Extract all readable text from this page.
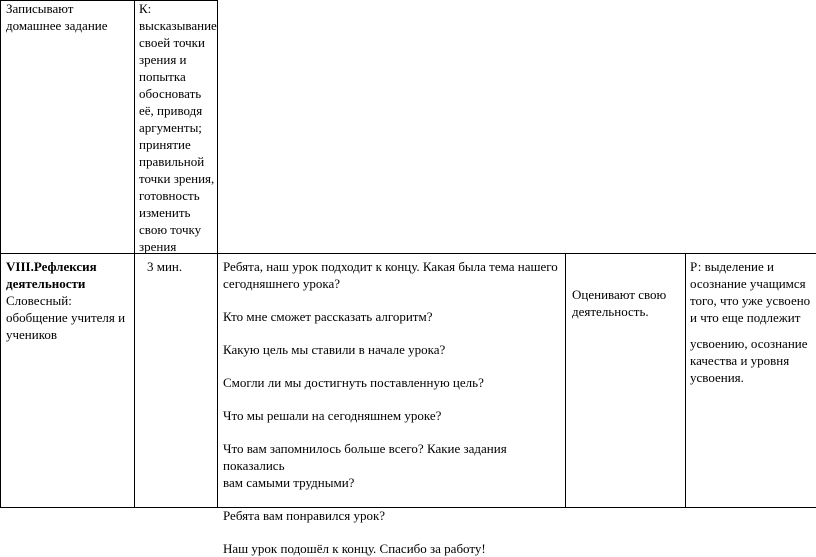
Записывают

домашнее задание

К:

высказывание

своей точки

зрения и

попытка

обосновать

её, приводя

аргументы;

принятие

правильной

точки зрения,

готовность

изменить

свою точку

зрения

VIII.Рефлексия

деятельности

Словесный:

обобщение учителя и

учеников

3 мин.	Ребята, наш урок подходит к концу. Какая была тема нашего
сегодняшнего урока?

Кто мне сможет рассказать алгоритм?

Какую цель мы ставили в начале урока?

Смогли ли мы достигнуть поставленную цель?

Что мы решали на сегодняшнем уроке?

Что вам запомнилось больше всего? Какие задания показались
вам самыми трудными?

Ребята вам понравился урок?

Наш урок подошёл к концу. Спасибо за работу!

Оценивают свою

деятельность.

Р: выделение и

осознание учащимся

того, что уже усвоено

и что еще подлежит

усвоению, осознание

качества и уровня

усвоения.
